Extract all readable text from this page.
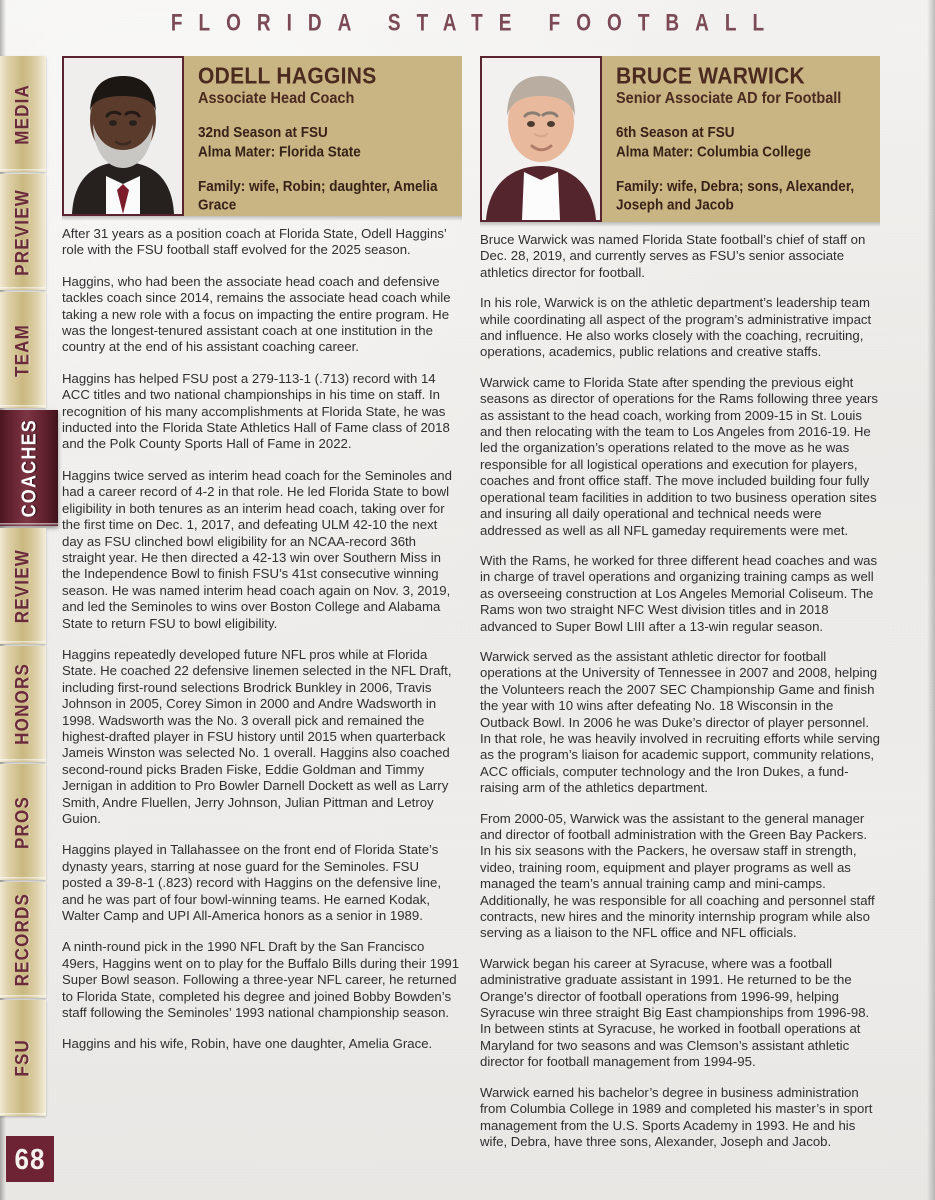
FLORIDA STATE FOOTBALL
MEDIA
PREVIEW
TEAM
COACHES
REVIEW
HONORS
PROS
RECORDS
FSU
68
ODELL HAGGINS
Associate Head Coach
32nd Season at FSU
Alma Mater: Florida State
Family: wife, Robin; daughter, Amelia Grace

After 31 years as a position coach at Florida State, Odell Haggins’ role with the FSU football staff evolved for the 2025 season.

Haggins, who had been the associate head coach and defensive tackles coach since 2014, remains the associate head coach while taking a new role with a focus on impacting the entire program. He was the longest-tenured assistant coach at one institution in the country at the end of his assistant coaching career.

Haggins has helped FSU post a 279-113-1 (.713) record with 14 ACC titles and two national championships in his time on staff. In recognition of his many accomplishments at Florida State, he was inducted into the Florida State Athletics Hall of Fame class of 2018 and the Polk County Sports Hall of Fame in 2022.

Haggins twice served as interim head coach for the Seminoles and had a career record of 4-2 in that role. He led Florida State to bowl eligibility in both tenures as an interim head coach, taking over for the first time on Dec. 1, 2017, and defeating ULM 42-10 the next day as FSU clinched bowl eligibility for an NCAA-record 36th straight year. He then directed a 42-13 win over Southern Miss in the Independence Bowl to finish FSU’s 41st consecutive winning season. He was named interim head coach again on Nov. 3, 2019, and led the Seminoles to wins over Boston College and Alabama State to return FSU to bowl eligibility.

Haggins repeatedly developed future NFL pros while at Florida State. He coached 22 defensive linemen selected in the NFL Draft, including first-round selections Brodrick Bunkley in 2006, Travis Johnson in 2005, Corey Simon in 2000 and Andre Wadsworth in 1998. Wadsworth was the No. 3 overall pick and remained the highest-drafted player in FSU history until 2015 when quarterback Jameis Winston was selected No. 1 overall. Haggins also coached second-round picks Braden Fiske, Eddie Goldman and Timmy Jernigan in addition to Pro Bowler Darnell Dockett as well as Larry Smith, Andre Fluellen, Jerry Johnson, Julian Pittman and Letroy Guion.

Haggins played in Tallahassee on the front end of Florida State’s dynasty years, starring at nose guard for the Seminoles. FSU posted a 39-8-1 (.823) record with Haggins on the defensive line, and he was part of four bowl-winning teams. He earned Kodak, Walter Camp and UPI All-America honors as a senior in 1989.

A ninth-round pick in the 1990 NFL Draft by the San Francisco 49ers, Haggins went on to play for the Buffalo Bills during their 1991 Super Bowl season. Following a three-year NFL career, he returned to Florida State, completed his degree and joined Bobby Bowden’s staff following the Seminoles’ 1993 national championship season.

Haggins and his wife, Robin, have one daughter, Amelia Grace.

BRUCE WARWICK
Senior Associate AD for Football
6th Season at FSU
Alma Mater: Columbia College
Family: wife, Debra; sons, Alexander, Joseph and Jacob

Bruce Warwick was named Florida State football’s chief of staff on Dec. 28, 2019, and currently serves as FSU’s senior associate athletics director for football.

In his role, Warwick is on the athletic department’s leadership team while coordinating all aspect of the program’s administrative impact and influence. He also works closely with the coaching, recruiting, operations, academics, public relations and creative staffs.

Warwick came to Florida State after spending the previous eight seasons as director of operations for the Rams following three years as assistant to the head coach, working from 2009-15 in St. Louis and then relocating with the team to Los Angeles from 2016-19. He led the organization’s operations related to the move as he was responsible for all logistical operations and execution for players, coaches and front office staff. The move included building four fully operational team facilities in addition to two business operation sites and insuring all daily operational and technical needs were addressed as well as all NFL gameday requirements were met.

With the Rams, he worked for three different head coaches and was in charge of travel operations and organizing training camps as well as overseeing construction at Los Angeles Memorial Coliseum. The Rams won two straight NFC West division titles and in 2018 advanced to Super Bowl LIII after a 13-win regular season.

Warwick served as the assistant athletic director for football operations at the University of Tennessee in 2007 and 2008, helping the Volunteers reach the 2007 SEC Championship Game and finish the year with 10 wins after defeating No. 18 Wisconsin in the Outback Bowl. In 2006 he was Duke’s director of player personnel. In that role, he was heavily involved in recruiting efforts while serving as the program’s liaison for academic support, community relations, ACC officials, computer technology and the Iron Dukes, a fund-raising arm of the athletics department.

From 2000-05, Warwick was the assistant to the general manager and director of football administration with the Green Bay Packers. In his six seasons with the Packers, he oversaw staff in strength, video, training room, equipment and player programs as well as managed the team’s annual training camp and mini-camps. Additionally, he was responsible for all coaching and personnel staff contracts, new hires and the minority internship program while also serving as a liaison to the NFL office and NFL officials.

Warwick began his career at Syracuse, where was a football administrative graduate assistant in 1991. He returned to be the Orange’s director of football operations from 1996-99, helping Syracuse win three straight Big East championships from 1996-98. In between stints at Syracuse, he worked in football operations at Maryland for two seasons and was Clemson’s assistant athletic director for football management from 1994-95.

Warwick earned his bachelor’s degree in business administration from Columbia College in 1989 and completed his master’s in sport management from the U.S. Sports Academy in 1993. He and his wife, Debra, have three sons, Alexander, Joseph and Jacob.
